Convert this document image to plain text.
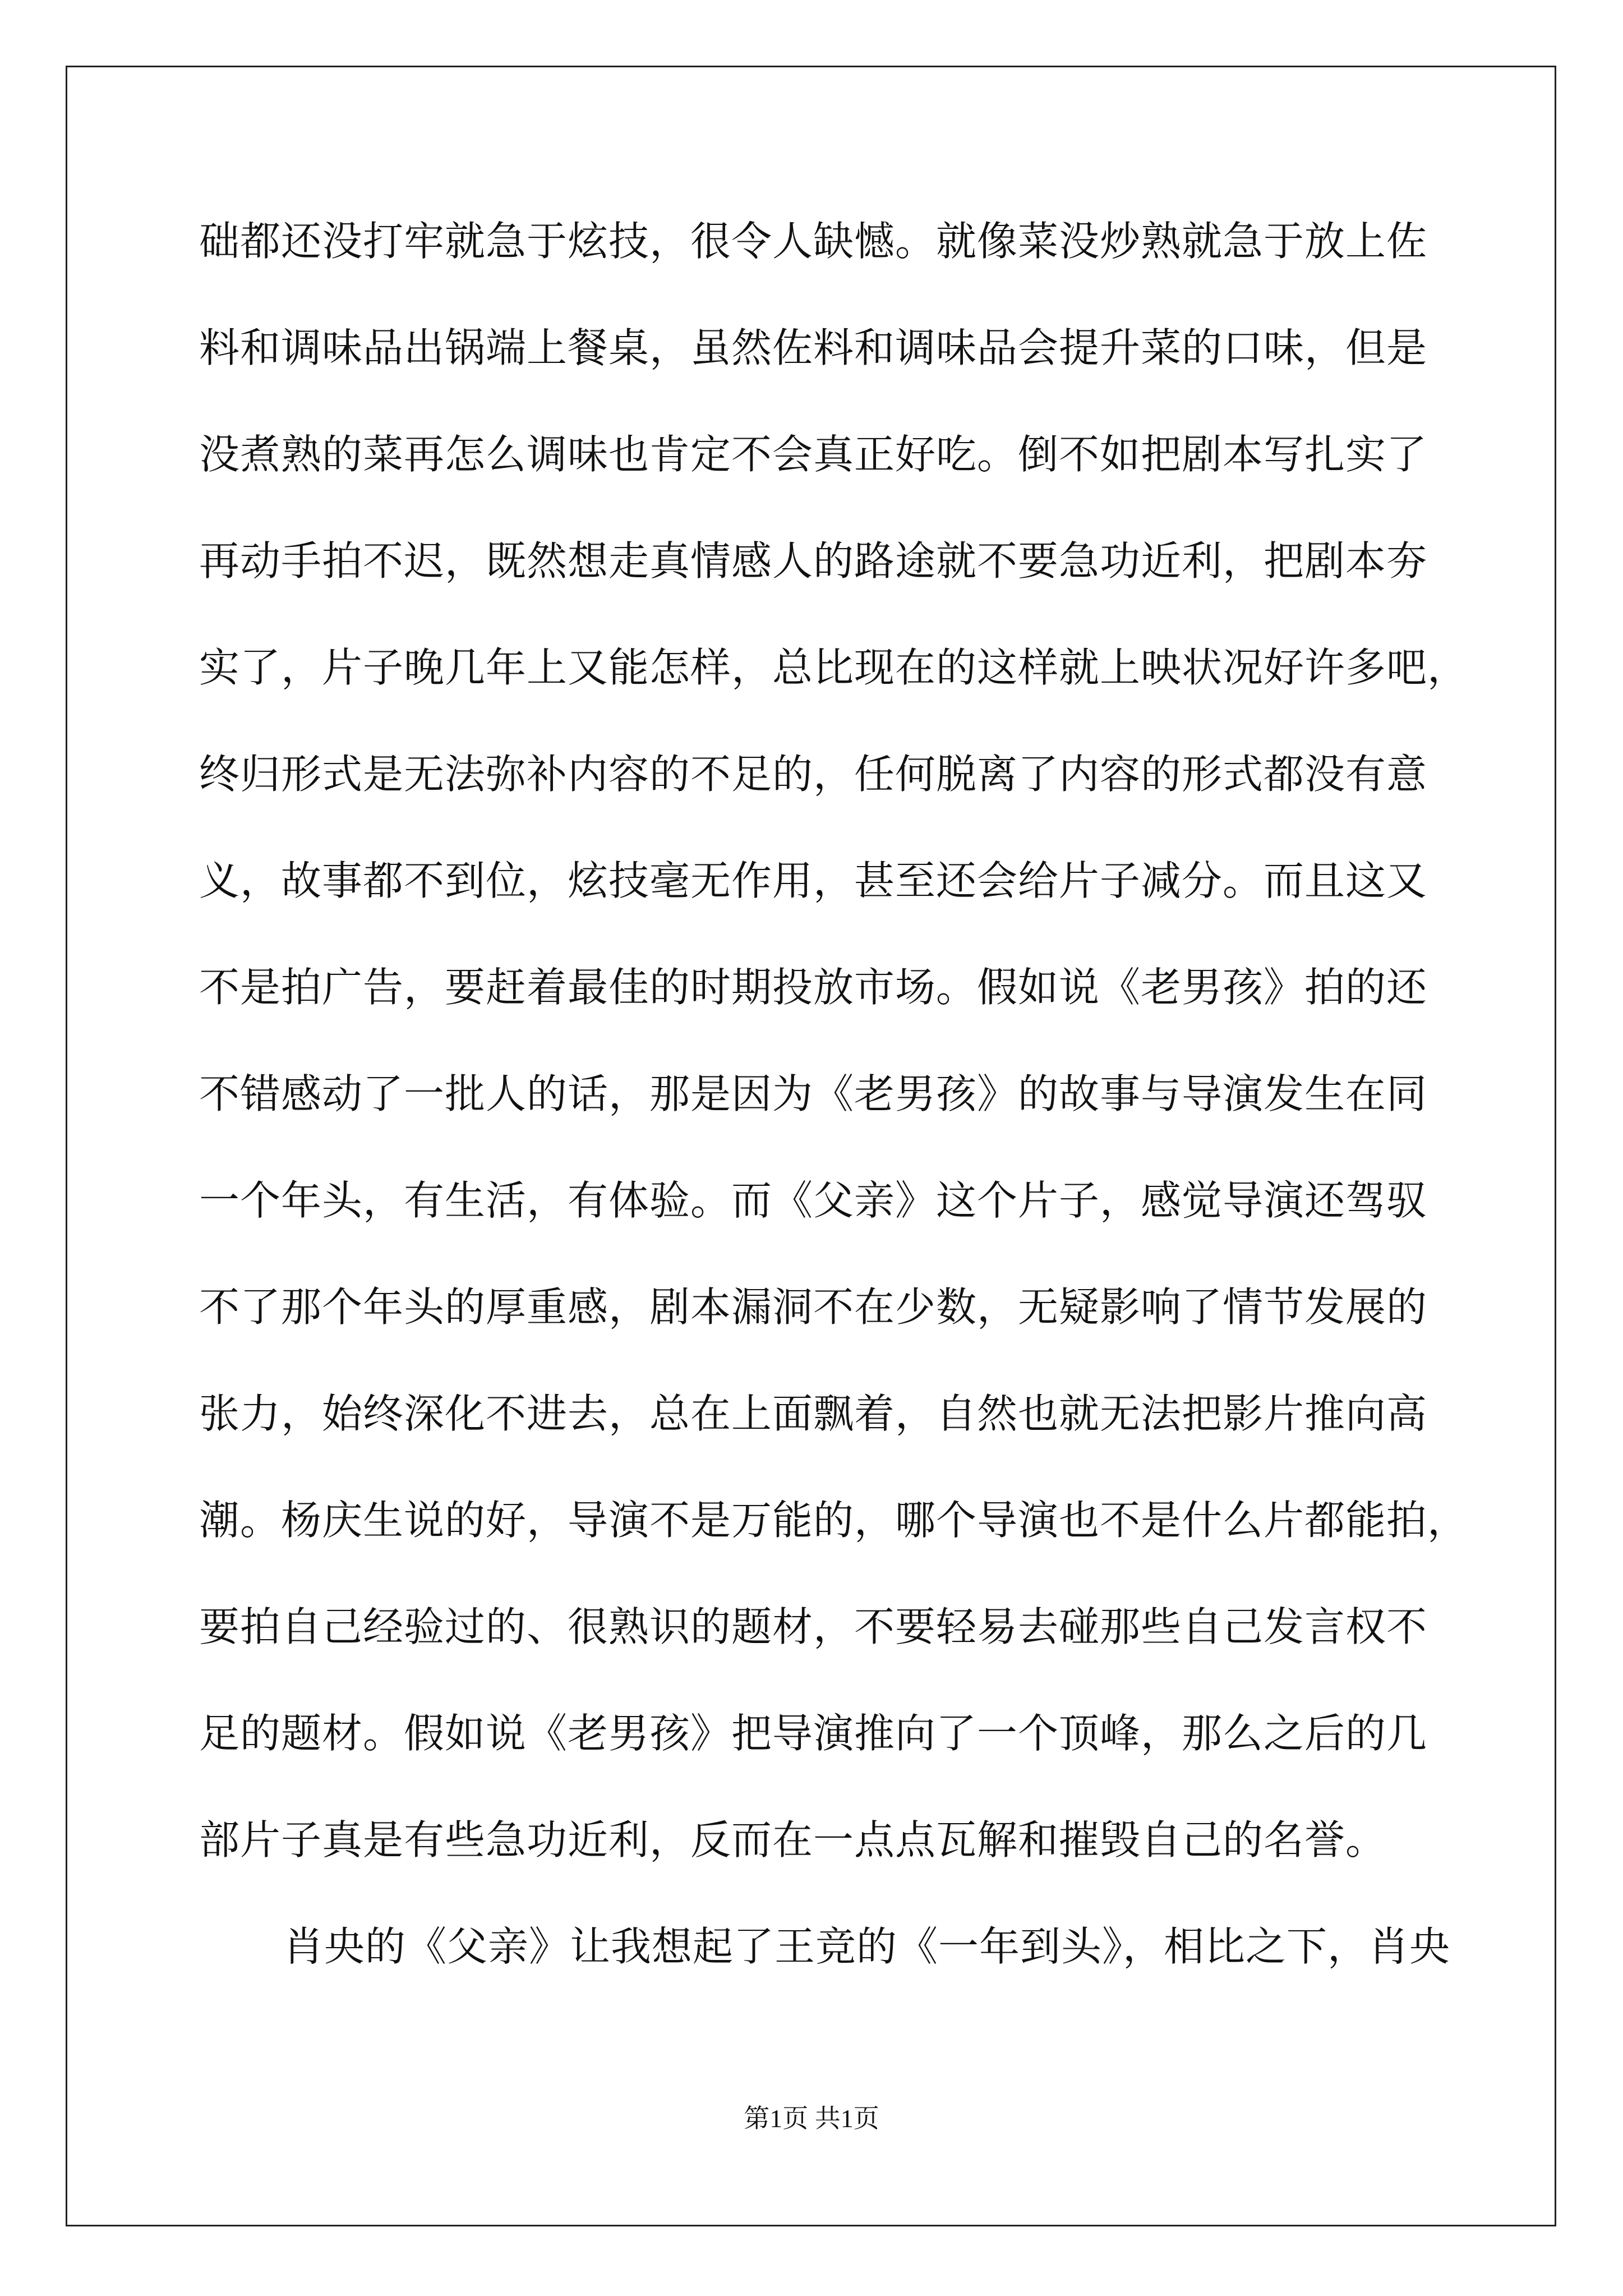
础都还没打牢就急于炫技，很令人缺憾。就像菜没炒熟就急于放上佐
料和调味品出锅端上餐桌，虽然佐料和调味品会提升菜的口味，但是
没煮熟的菜再怎么调味也肯定不会真正好吃。倒不如把剧本写扎实了
再动手拍不迟，既然想走真情感人的路途就不要急功近利，把剧本夯
实了，片子晚几年上又能怎样，总比现在的这样就上映状况好许多吧，
终归形式是无法弥补内容的不足的，任何脱离了内容的形式都没有意
义，故事都不到位，炫技毫无作用，甚至还会给片子减分。而且这又
不是拍广告，要赶着最佳的时期投放市场。假如说《老男孩》拍的还
不错感动了一批人的话，那是因为《老男孩》的故事与导演发生在同
一个年头，有生活，有体验。而《父亲》这个片子，感觉导演还驾驭
不了那个年头的厚重感，剧本漏洞不在少数，无疑影响了情节发展的
张力，始终深化不进去，总在上面飘着，自然也就无法把影片推向高
潮。杨庆生说的好，导演不是万能的，哪个导演也不是什么片都能拍，
要拍自己经验过的、很熟识的题材，不要轻易去碰那些自己发言权不
足的题材。假如说《老男孩》把导演推向了一个顶峰，那么之后的几
部片子真是有些急功近利，反而在一点点瓦解和摧毁自己的名誉。
肖央的《父亲》让我想起了王竞的《一年到头》，相比之下，肖央
第1页 共1页
